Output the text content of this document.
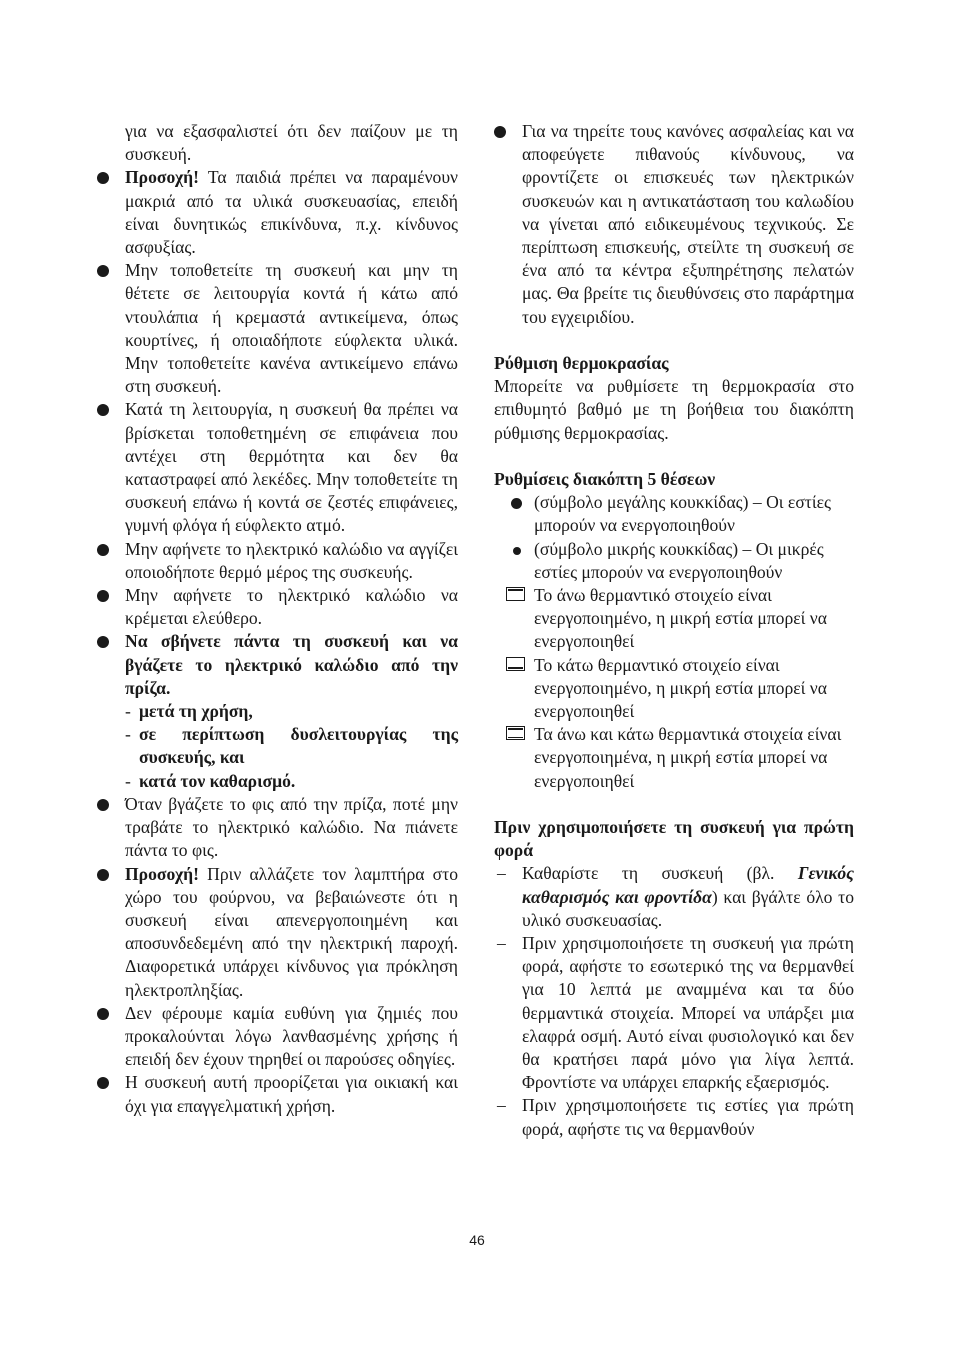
για να εξασφαλιστεί ότι δεν παίζουν με τη συσκευή.

Προσοχή! Τα παιδιά πρέπει να παραμένουν μακριά από τα υλικά συσκευασίας, επειδή είναι δυνητικώς επικίνδυνα, π.χ. κίνδυνος ασφυξίας.
Μην τοποθετείτε τη συσκευή και μην τη θέτετε σε λειτουργία κοντά ή κάτω από ντουλάπια ή κρεμαστά αντικείμενα, όπως κουρτίνες, ή οποιαδήποτε εύφλεκτα υλικά. Μην τοποθετείτε κανένα αντικείμενο επάνω στη συσκευή.
Κατά τη λειτουργία, η συσκευή θα πρέπει να βρίσκεται τοποθετημένη σε επιφάνεια που αντέχει στη θερμότητα και δεν θα καταστραφεί από λεκέδες. Μην τοποθετείτε τη συσκευή επάνω ή κοντά σε ζεστές επιφάνειες, γυμνή φλόγα ή εύφλεκτο ατμό.
Μην αφήνετε το ηλεκτρικό καλώδιο να αγγίζει οποιοδήποτε θερμό μέρος της συσκευής.
Μην αφήνετε το ηλεκτρικό καλώδιο να κρέμεται ελεύθερο.
Να σβήνετε πάντα τη συσκευή και να βγάζετε το ηλεκτρικό καλώδιο από την πρίζα.
- μετά τη χρήση,
- σε περίπτωση δυσλειτουργίας της συσκευής, και
- κατά τον καθαρισμό.
Όταν βγάζετε το φις από την πρίζα, ποτέ μην τραβάτε το ηλεκτρικό καλώδιο. Να πιάνετε πάντα το φις.
Προσοχή! Πριν αλλάζετε τον λαμπτήρα στο χώρο του φούρνου, να βεβαιώνεστε ότι η συσκευή είναι απενεργοποιημένη και αποσυνδεδεμένη από την ηλεκτρική παροχή. Διαφορετικά υπάρχει κίνδυνος για πρόκληση ηλεκτροπληξίας.
Δεν φέρουμε καμία ευθύνη για ζημιές που προκαλούνται λόγω λανθασμένης χρήσης ή επειδή δεν έχουν τηρηθεί οι παρούσες οδηγίες.
Η συσκευή αυτή προορίζεται για οικιακή και όχι για επαγγελματική χρήση.
Για να τηρείτε τους κανόνες ασφαλείας και να αποφεύγετε πιθανούς κίνδυνους, να φροντίζετε οι επισκευές των ηλεκτρικών συσκευών και η αντικατάσταση του καλωδίου να γίνεται από ειδικευμένους τεχνικούς. Σε περίπτωση επισκευής, στείλτε τη συσκευή σε ένα από τα κέντρα εξυπηρέτησης πελατών μας. Θα βρείτε τις διευθύνσεις στο παράρτημα του εγχειριδίου.
Ρύθμιση θερμοκρασίας

Μπορείτε να ρυθμίσετε τη θερμοκρασία στο επιθυμητό βαθμό με τη βοήθεια του διακόπτη ρύθμισης θερμοκρασίας.

Ρυθμίσεις διακόπτη 5 θέσεων
(σύμβολο μεγάλης κουκκίδας) – Οι εστίες μπορούν να ενεργοποιηθούν
(σύμβολο μικρής κουκκίδας) – Οι μικρές εστίες μπορούν να ενεργοποιηθούν
Το άνω θερμαντικό στοιχείο είναι ενεργοποιημένο, η μικρή εστία μπορεί να ενεργοποιηθεί
Το κάτω θερμαντικό στοιχείο είναι ενεργοποιημένο, η μικρή εστία μπορεί να ενεργοποιηθεί
Τα άνω και κάτω θερμαντικά στοιχεία είναι ενεργοποιημένα, η μικρή εστία μπορεί να ενεργοποιηθεί
Πριν χρησιμοποιήσετε τη συσκευή για πρώτη φορά
– Καθαρίστε τη συσκευή (βλ. Γενικός καθαρισμός και φροντίδα) και βγάλτε όλο το υλικό συσκευασίας.
– Πριν χρησιμοποιήσετε τη συσκευή για πρώτη φορά, αφήστε το εσωτερικό της να θερμανθεί για 10 λεπτά με αναμμένα και τα δύο θερμαντικά στοιχεία. Μπορεί να υπάρξει μια ελαφρά οσμή. Αυτό είναι φυσιολογικό και δεν θα κρατήσει παρά μόνο για λίγα λεπτά. Φροντίστε να υπάρχει επαρκής εξαερισμός.
– Πριν χρησιμοποιήσετε τις εστίες για πρώτη φορά, αφήστε τις να θερμανθούν
46
